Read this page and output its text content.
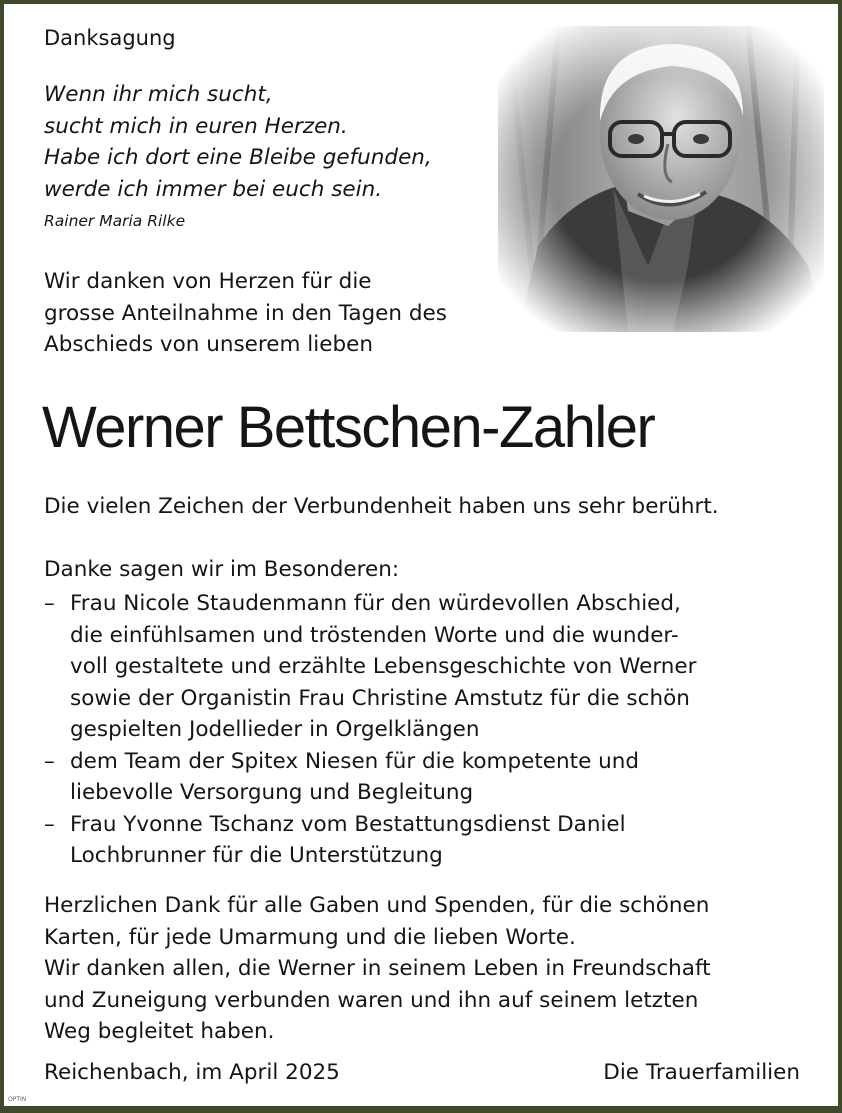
Danksagung

Wenn ihr mich sucht,
sucht mich in euren Herzen.
Habe ich dort eine Bleibe gefunden,
werde ich immer bei euch sein.

Rainer Maria Rilke

Wir danken von Herzen für die
grosse Anteilnahme in den Tagen des
Abschieds von unserem lieben
Werner Bettschen-Zahler

Die vielen Zeichen der Verbundenheit haben uns sehr berührt.

Danke sagen wir im Besonderen:

– Frau Nicole Staudenmann für den würdevollen Abschied,
die einfühlsamen und tröstenden Worte und die wunder-
voll gestaltete und erzählte Lebensgeschichte von Werner
sowie der Organistin Frau Christine Amstutz für die schön
gespielten Jodellieder in Orgelklängen
– dem Team der Spitex Niesen für die kompetente und
liebevolle Versorgung und Begleitung
– Frau Yvonne Tschanz vom Bestattungsdienst Daniel
Lochbrunner für die Unterstützung
Herzlichen Dank für alle Gaben und Spenden, für die schönen
Karten, für jede Umarmung und die lieben Worte.
Wir danken allen, die Werner in seinem Leben in Freundschaft
und Zuneigung verbunden waren und ihn auf seinem letzten
Weg begleitet haben.

Reichenbach, im April 2025	Die Trauerfamilien

OPTIN
